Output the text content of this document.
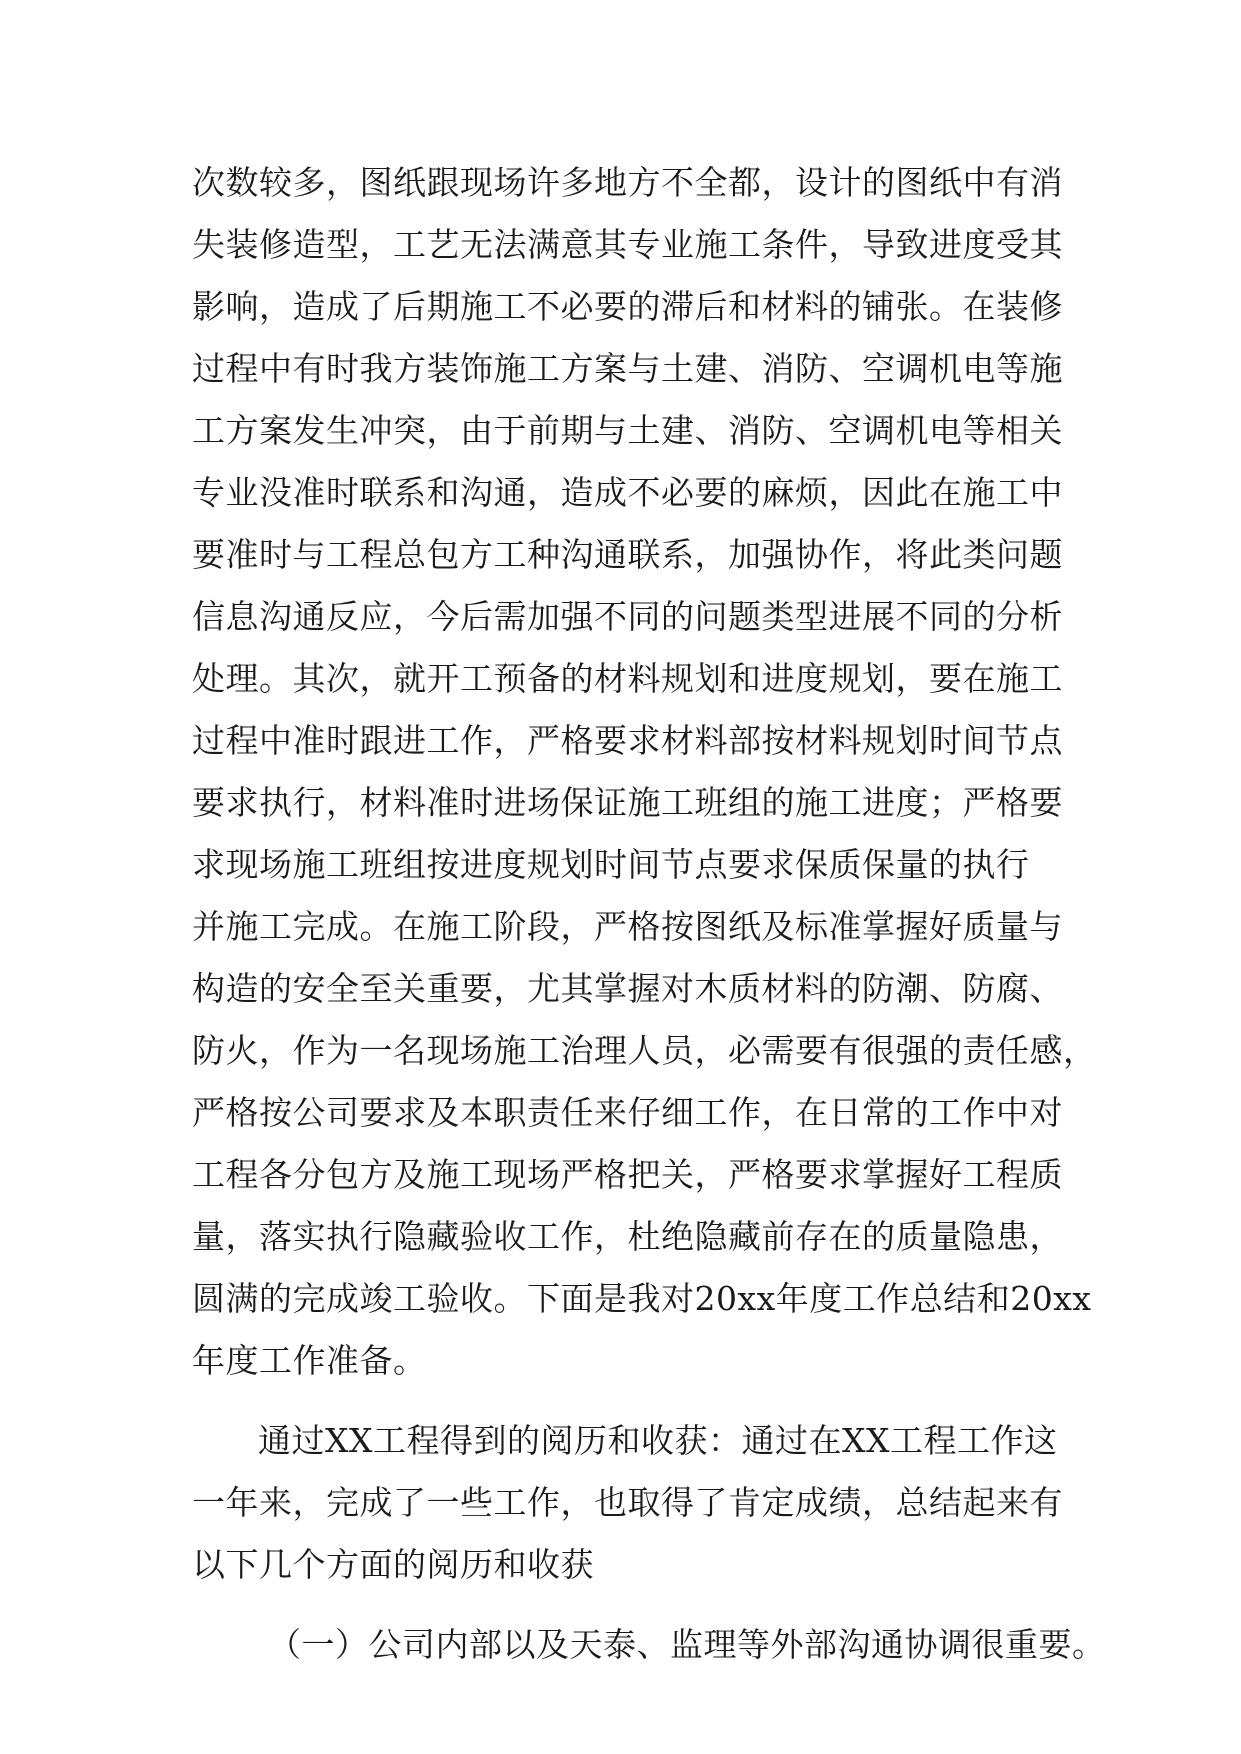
次数较多，图纸跟现场许多地方不全都，设计的图纸中有消
失装修造型，工艺无法满意其专业施工条件，导致进度受其
影响，造成了后期施工不必要的滞后和材料的铺张。在装修
过程中有时我方装饰施工方案与土建、消防、空调机电等施
工方案发生冲突，由于前期与土建、消防、空调机电等相关
专业没准时联系和沟通，造成不必要的麻烦，因此在施工中
要准时与工程总包方工种沟通联系，加强协作，将此类问题
信息沟通反应，今后需加强不同的问题类型进展不同的分析
处理。其次，就开工预备的材料规划和进度规划，要在施工
过程中准时跟进工作，严格要求材料部按材料规划时间节点
要求执行，材料准时进场保证施工班组的施工进度；严格要
求现场施工班组按进度规划时间节点要求保质保量的执行
并施工完成。在施工阶段，严格按图纸及标准掌握好质量与
构造的安全至关重要，尤其掌握对木质材料的防潮、防腐、
防火，作为一名现场施工治理人员，必需要有很强的责任感，
严格按公司要求及本职责任来仔细工作，在日常的工作中对
工程各分包方及施工现场严格把关，严格要求掌握好工程质
量，落实执行隐藏验收工作，杜绝隐藏前存在的质量隐患，
圆满的完成竣工验收。下面是我对20xx年度工作总结和20xx
年度工作准备。
通过XX工程得到的阅历和收获：通过在XX工程工作这
一年来，完成了一些工作，也取得了肯定成绩，总结起来有
以下几个方面的阅历和收获
（一）公司内部以及天泰、监理等外部沟通协调很重要。
